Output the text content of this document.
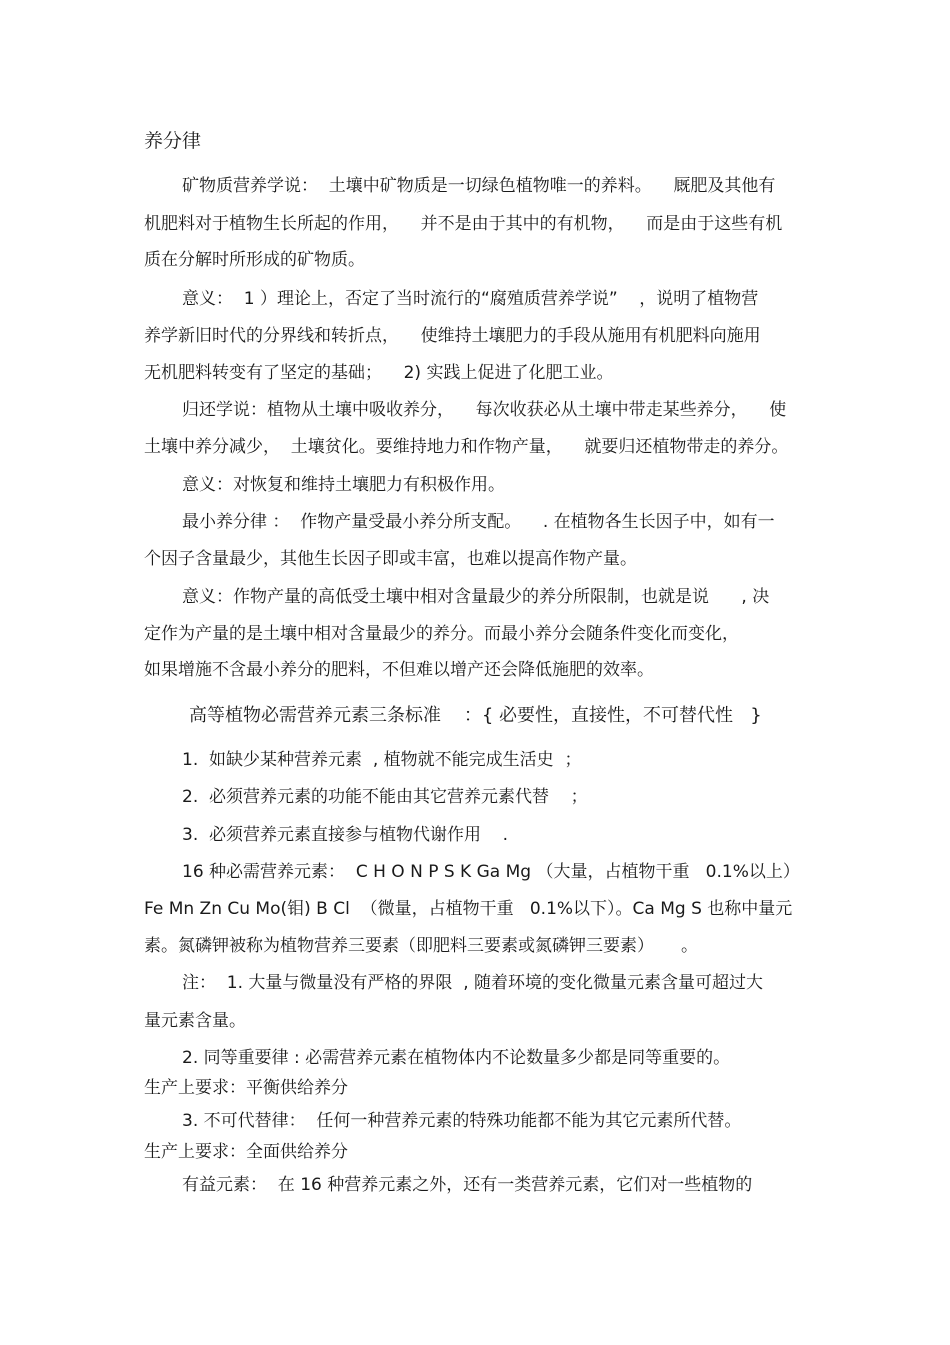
养分律
矿物质营养学说：  土壤中矿物质是一切绿色植物唯一的养料。    厩肥及其他有
机肥料对于植物生长所起的作用，    并不是由于其中的有机物，    而是由于这些有机
质在分解时所形成的矿物质。
意义：  1 ）理论上，否定了当时流行的“腐殖质营养学说”    ，说明了植物营
养学新旧时代的分界线和转折点，    使维持土壤肥力的手段从施用有机肥料向施用
无机肥料转变有了坚定的基础；    2) 实践上促进了化肥工业。
归还学说：植物从土壤中吸收养分，    每次收获必从土壤中带走某些养分，    使
土壤中养分减少，  土壤贫化。要维持地力和作物产量，    就要归还植物带走的养分。
意义：对恢复和维持土壤肥力有积极作用。
最小养分律 ：  作物产量受最小养分所支配。    . 在植物各生长因子中，如有一
个因子含量最少，其他生长因子即或丰富，也难以提高作物产量。
意义：作物产量的高低受土壤中相对含量最少的养分所限制，也就是说      , 决
定作为产量的是土壤中相对含量最少的养分。而最小养分会随条件变化而变化，
如果增施不含最小养分的肥料，不但难以增产还会降低施肥的效率。
高等植物必需营养元素三条标准    ：{ 必要性，直接性，不可替代性   }
1.  如缺少某种营养元素  , 植物就不能完成生活史  ；
2.  必须营养元素的功能不能由其它营养元素代替    ；
3.  必须营养元素直接参与植物代谢作用    .
16 种必需营养元素：  C H O N P S K Ga Mg （大量，占植物干重   0.1%以上）
Fe Mn Zn Cu Mo(钼) B Cl  （微量，占植物干重   0.1%以下）。Ca Mg S 也称中量元
素。氮磷钾被称为植物营养三要素（即肥料三要素或氮磷钾三要素）     。
注：  1. 大量与微量没有严格的界限  , 随着环境的变化微量元素含量可超过大
量元素含量。
2. 同等重要律 : 必需营养元素在植物体内不论数量多少都是同等重要的。
生产上要求：平衡供给养分
3. 不可代替律：  任何一种营养元素的特殊功能都不能为其它元素所代替。
生产上要求：全面供给养分
有益元素：  在 16 种营养元素之外，还有一类营养元素，它们对一些植物的
